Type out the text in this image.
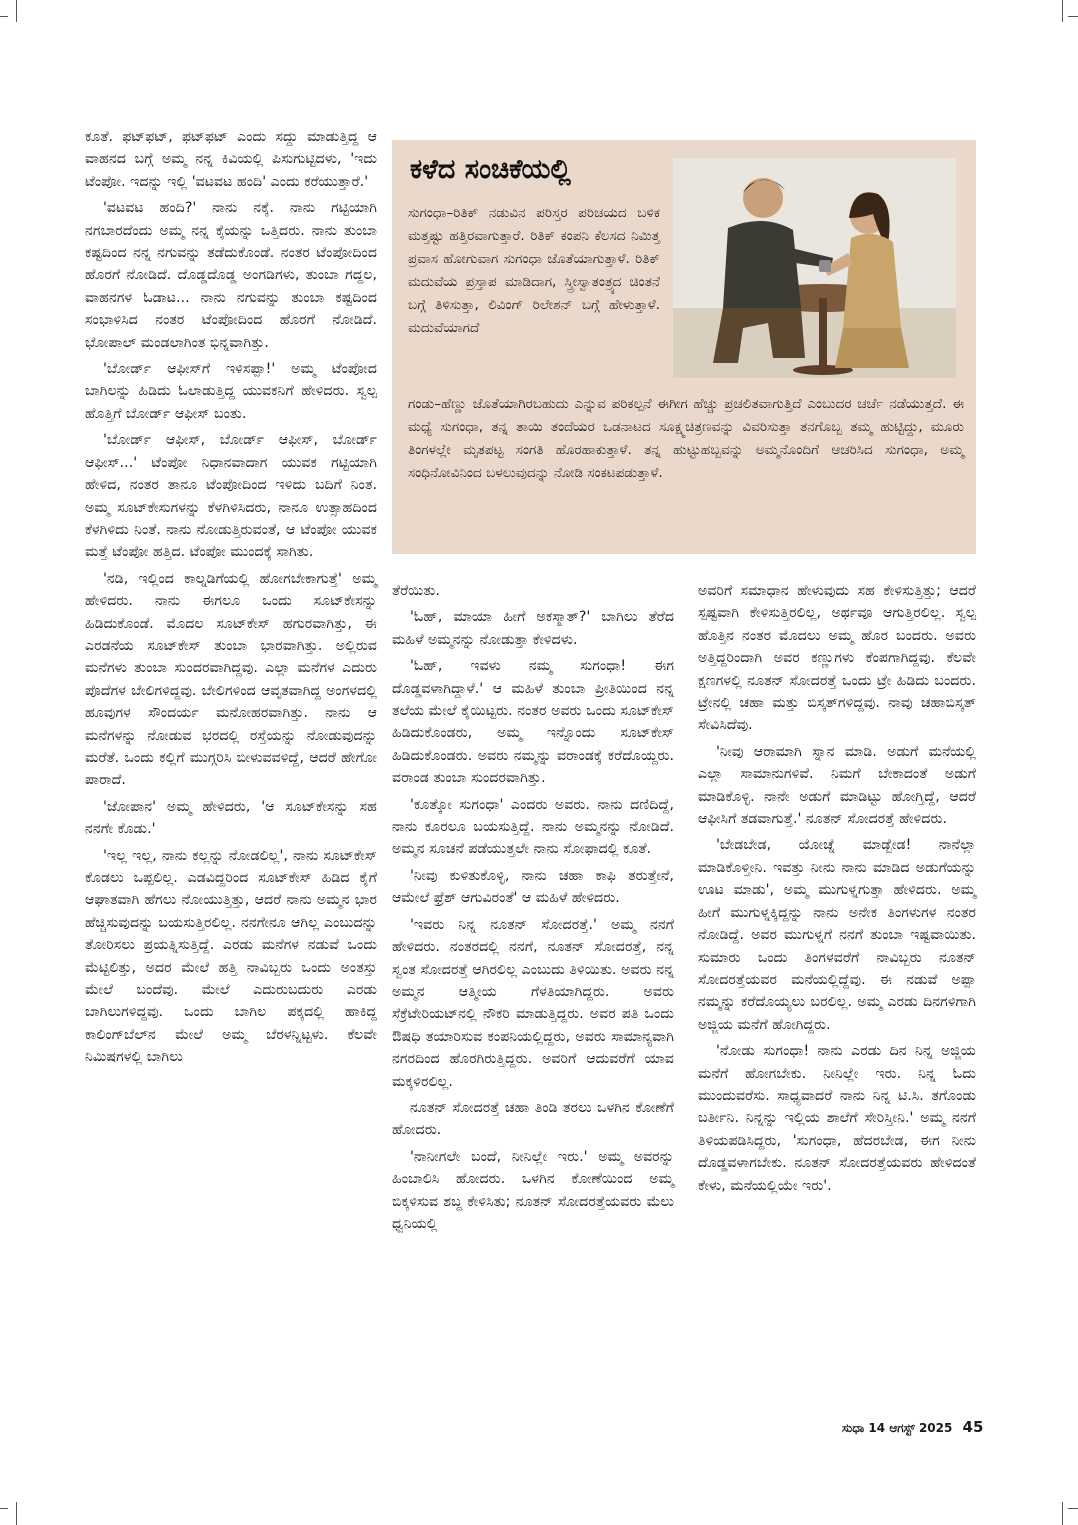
ಕೂತೆ. ಫಟ್‌ಫಟ್, ಫಟ್‌ಫಟ್ ಎಂದು ಸದ್ದು ಮಾಡುತ್ತಿದ್ದ ಆ ವಾಹನದ ಬಗ್ಗೆ ಅಮ್ಮ ನನ್ನ ಕಿವಿಯಲ್ಲಿ ಪಿಸುಗುಟ್ಟಿದಳು, 'ಇದು ಟೆಂಪೋ. ಇದನ್ನು ಇಲ್ಲಿ 'ವಟವಟ ಹಂದಿ' ಎಂದು ಕರೆಯುತ್ತಾರೆ.'

'ವಟವಟ ಹಂದಿ?' ನಾನು ನಕ್ಕೆ. ನಾನು ಗಟ್ಟಿಯಾಗಿ ನಗಬಾರದೆಂದು ಅಮ್ಮ ನನ್ನ ಕೈಯನ್ನು ಒತ್ತಿದರು. ನಾನು ತುಂಬಾ ಕಷ್ಟದಿಂದ ನನ್ನ ನಗುವನ್ನು ತಡೆದುಕೊಂಡೆ. ನಂತರ ಟೆಂಪೋದಿಂದ ಹೊರಗೆ ನೋಡಿದೆ. ದೊಡ್ಡದೊಡ್ಡ ಅಂಗಡಿಗಳು, ತುಂಬಾ ಗದ್ದಲ, ವಾಹನಗಳ ಓಡಾಟ... ನಾನು ನಗುವನ್ನು ತುಂಬಾ ಕಷ್ಟದಿಂದ ಸಂಭಾಳಿಸಿದ ನಂತರ ಟೆಂಪೋದಿಂದ ಹೊರಗೆ ನೋಡಿದೆ. ಭೋಪಾಲ್ ಮಂಡಲಾಗಿಂತ ಭಿನ್ನವಾಗಿತ್ತು.

'ಬೋರ್ಡ್ ಆಫೀಸ್‌ಗೆ ಇಳಿಸಪ್ಪಾ!' ಅಮ್ಮ ಟೆಂಪೋದ ಬಾಗಿಲನ್ನು ಹಿಡಿದು ಓಲಾಡುತ್ತಿದ್ದ ಯುವಕನಿಗೆ ಹೇಳಿದರು. ಸ್ವಲ್ಪ ಹೊತ್ತಿಗೆ ಬೋರ್ಡ್ ಆಫೀಸ್ ಬಂತು.

'ಬೋರ್ಡ್ ಆಫೀಸ್, ಬೋರ್ಡ್ ಆಫೀಸ್, ಬೋರ್ಡ್ ಆಫೀಸ್...' ಟೆಂಪೋ ನಿಧಾನವಾದಾಗ ಯುವಕ ಗಟ್ಟಿಯಾಗಿ ಹೇಳಿದ, ನಂತರ ತಾನೂ ಟೆಂಪೋದಿಂದ ಇಳಿದು ಬದಿಗೆ ನಿಂತ. ಅಮ್ಮ ಸೂಟ್‌ಕೇಸುಗಳನ್ನು ಕೆಳಗಿಳಿಸಿದರು, ನಾನೂ ಉತ್ಸಾಹದಿಂದ ಕೆಳಗಿಳಿದು ನಿಂತೆ. ನಾನು ನೋಡುತ್ತಿರುವಂತೆ, ಆ ಟೆಂಪೋ ಯುವಕ ಮತ್ತೆ ಟೆಂಪೋ ಹತ್ತಿದ. ಟೆಂಪೋ ಮುಂದಕ್ಕೆ ಸಾಗಿತು.

'ನಡಿ, ಇಲ್ಲಿಂದ ಕಾಲ್ನಡಿಗೆಯಲ್ಲಿ ಹೋಗಬೇಕಾಗುತ್ತೆ' ಅಮ್ಮ ಹೇಳಿದರು. ನಾನು ಈಗಲೂ ಒಂದು ಸೂಟ್‌ಕೇಸನ್ನು ಹಿಡಿದುಕೊಂಡೆ. ಮೊದಲ ಸೂಟ್‌ಕೇಸ್ ಹಗುರವಾಗಿತ್ತು, ಈ ಎರಡನೆಯ ಸೂಟ್‌ಕೇಸ್ ತುಂಬಾ ಭಾರವಾಗಿತ್ತು. ಅಲ್ಲಿರುವ ಮನೆಗಳು ತುಂಬಾ ಸುಂದರವಾಗಿದ್ದವು. ಎಲ್ಲಾ ಮನೆಗಳ ಎದುರು ಪೊದೆಗಳ ಬೇಲಿಗಳಿದ್ದವು. ಬೇಲಿಗಳಿಂದ ಆವೃತವಾಗಿದ್ದ ಅಂಗಳದಲ್ಲಿ ಹೂವುಗಳ ಸೌಂದರ್ಯ ಮನೋಹರವಾಗಿತ್ತು. ನಾನು ಆ ಮನೆಗಳನ್ನು ನೋಡುವ ಭರದಲ್ಲಿ ರಸ್ತೆಯನ್ನು ನೋಡುವುದನ್ನು ಮರೆತೆ. ಒಂದು ಕಲ್ಲಿಗೆ ಮುಗ್ಗರಿಸಿ ಬೀಳುವವಳಿದ್ದೆ, ಆದರೆ ಹೇಗೋ ಪಾರಾದೆ.

'ಜೋಪಾನ' ಅಮ್ಮ ಹೇಳಿದರು, 'ಆ ಸೂಟ್‌ಕೇಸನ್ನು ಸಹ ನನಗೇ ಕೊಡು.'

'ಇಲ್ಲ ಇಲ್ಲ, ನಾನು ಕಲ್ಲನ್ನು ನೋಡಲಿಲ್ಲ', ನಾನು ಸೂಟ್‌ಕೇಸ್ ಕೊಡಲು ಒಪ್ಪಲಿಲ್ಲ. ಎಡವಿದ್ದರಿಂದ ಸೂಟ್‌ಕೇಸ್ ಹಿಡಿದ ಕೈಗೆ ಆಘಾತವಾಗಿ ಹೆಗಲು ನೋಯುತ್ತಿತ್ತು, ಆದರೆ ನಾನು ಅಮ್ಮನ ಭಾರ ಹೆಚ್ಚಿಸುವುದನ್ನು ಬಯಸುತ್ತಿರಲಿಲ್ಲ. ನನಗೇನೂ ಆಗಿಲ್ಲ ಎಂಬುದನ್ನು ತೋರಿಸಲು ಪ್ರಯತ್ನಿಸುತ್ತಿದ್ದೆ. ಎರಡು ಮನೆಗಳ ನಡುವೆ ಒಂದು ಮೆಟ್ಟಿಲಿತ್ತು, ಅದರ ಮೇಲೆ ಹತ್ತಿ ನಾವಿಬ್ಬರು ಒಂದು ಅಂತಸ್ತು ಮೇಲೆ ಬಂದೆವು. ಮೇಲೆ ಎದುರುಬದುರು ಎರಡು ಬಾಗಿಲುಗಳಿದ್ದವು. ಒಂದು ಬಾಗಿಲ ಪಕ್ಕದಲ್ಲಿ ಹಾಕಿದ್ದ ಕಾಲಿಂಗ್‌ಬೆಲ್‌ನ ಮೇಲೆ ಅಮ್ಮ ಬೆರಳನ್ನಿಟ್ಟಳು. ಕೆಲವೇ ನಿಮಿಷಗಳಲ್ಲಿ ಬಾಗಿಲು

ಕಳೆದ ಸಂಚಿಕೆಯಲ್ಲಿ

ಸುಗಂಧಾ–ರಿತಿಕ್ ನಡುವಿನ ಪರಿಸ್ತರ ಪರಿಚಯದ ಬಳಿಕ ಮತ್ತಷ್ಟು ಹತ್ತಿರವಾಗುತ್ತಾರೆ. ರಿತಿಕ್ ಕಂಪನಿ ಕೆಲಸದ ನಿಮಿತ್ತ ಪ್ರವಾಸ ಹೋಗುವಾಗ ಸುಗಂಧಾ ಜೊತೆಯಾಗುತ್ತಾಳೆ. ರಿತಿಕ್ ಮದುವೆಯ ಪ್ರಸ್ತಾಪ ಮಾಡಿದಾಗ, ಸ್ತ್ರೀಸ್ವಾತಂತ್ರ್ಯದ ಚಿಂತನೆ ಬಗ್ಗೆ ತಿಳಿಸುತ್ತಾ, ಲಿವಿಂಗ್ ರಿಲೇಶನ್ ಬಗ್ಗೆ ಹೇಳುತ್ತಾಳೆ. ಮದುವೆಯಾಗದೆ

ಗಂಡು–ಹೆಣ್ಣು ಜೊತೆಯಾಗಿರಬಹುದು ಎನ್ನುವ ಪರಿಕಲ್ಪನೆ ಈಗೀಗ ಹೆಚ್ಚು ಪ್ರಚಲಿತವಾಗುತ್ತಿದೆ ಎಂಬುದರ ಚರ್ಚೆ ನಡೆಯುತ್ತದೆ. ಈ ಮಧ್ಯೆ ಸುಗಂಧಾ, ತನ್ನ ತಾಯಿ ತಂದೆಯರ ಒಡನಾಟದ ಸೂಕ್ಷ್ಮಚಿತ್ರಣವನ್ನು ವಿವರಿಸುತ್ತಾ ತನಗೊಬ್ಬ ತಮ್ಮ ಹುಟ್ಟಿದ್ದು, ಮೂರು ತಿಂಗಳಲ್ಲೇ ಮೃತಪಟ್ಟ ಸಂಗತಿ ಹೊರಹಾಕುತ್ತಾಳೆ. ತನ್ನ ಹುಟ್ಟುಹಬ್ಬವನ್ನು ಅಮ್ಮನೊಂದಿಗೆ ಆಚರಿಸಿದ ಸುಗಂಧಾ, ಅಮ್ಮ ಸಂಧಿನೋವಿನಿಂದ ಬಳಲುವುದನ್ನು ನೋಡಿ ಸಂಕಟಪಡುತ್ತಾಳೆ.

ತೆರೆಯಿತು.

'ಓಹ್, ಮಾಯಾ ಹೀಗೆ ಅಕಸ್ಮಾತ್?' ಬಾಗಿಲು ತೆರೆದ ಮಹಿಳೆ ಅಮ್ಮನನ್ನು ನೋಡುತ್ತಾ ಕೇಳಿದಳು.

'ಓಹ್, ಇವಳು ನಮ್ಮ ಸುಗಂಧಾ! ಈಗ ದೊಡ್ಡವಳಾಗಿದ್ದಾಳೆ.' ಆ ಮಹಿಳೆ ತುಂಬಾ ಪ್ರೀತಿಯಿಂದ ನನ್ನ ತಲೆಯ ಮೇಲೆ ಕೈಯಿಟ್ಟರು. ನಂತರ ಅವರು ಒಂದು ಸೂಟ್‌ಕೇಸ್ ಹಿಡಿದುಕೊಂಡರು, ಅಮ್ಮ ಇನ್ನೊಂದು ಸೂಟ್‌ಕೇಸ್ ಹಿಡಿದುಕೊಂಡರು. ಅವರು ನಮ್ಮನ್ನು ವರಾಂಡಕ್ಕೆ ಕರೆದೊಯ್ದರು. ವರಾಂಡ ತುಂಬಾ ಸುಂದರವಾಗಿತ್ತು.

'ಕೂತ್ಕೋ ಸುಗಂಧಾ' ಎಂದರು ಅವರು. ನಾನು ದಣಿದಿದ್ದೆ, ನಾನು ಕೂರಲೂ ಬಯಸುತ್ತಿದ್ದೆ. ನಾನು ಅಮ್ಮನನ್ನು ನೋಡಿದೆ. ಅಮ್ಮನ ಸೂಚನೆ ಪಡೆಯುತ್ತಲೇ ನಾನು ಸೋಫಾದಲ್ಲಿ ಕೂತೆ.

'ನೀವು ಕುಳಿತುಕೊಳ್ಳಿ, ನಾನು ಚಹಾ ಕಾಫಿ ತರುತ್ತೇನೆ, ಆಮೇಲೆ ಫ್ರೆಶ್ ಆಗುವಿರಂತೆ' ಆ ಮಹಿಳೆ ಹೇಳಿದರು.

'ಇವರು ನಿನ್ನ ನೂತನ್ ಸೋದರತ್ತೆ.' ಅಮ್ಮ ನನಗೆ ಹೇಳಿದರು. ನಂತರದಲ್ಲಿ ನನಗೆ, ನೂತನ್ ಸೋದರತ್ತೆ, ನನ್ನ ಸ್ವಂತ ಸೋದರತ್ತೆ ಆಗಿರಲಿಲ್ಲ ಎಂಬುದು ತಿಳಿಯಿತು. ಅವರು ನನ್ನ ಅಮ್ಮನ ಆತ್ಮೀಯ ಗೆಳತಿಯಾಗಿದ್ದರು. ಅವರು ಸೆಕ್ರೆಟೇರಿಯಟ್‌ನಲ್ಲಿ ನೌಕರಿ ಮಾಡುತ್ತಿದ್ದರು. ಅವರ ಪತಿ ಒಂದು ಔಷಧಿ ತಯಾರಿಸುವ ಕಂಪನಿಯಲ್ಲಿದ್ದರು, ಅವರು ಸಾಮಾನ್ಯವಾಗಿ ನಗರದಿಂದ ಹೊರಗಿರುತ್ತಿದ್ದರು. ಅವರಿಗೆ ಆದುವರೆಗೆ ಯಾವ ಮಕ್ಕಳಿರಲಿಲ್ಲ.

ನೂತನ್ ಸೋದರತ್ತೆ ಚಹಾ ತಿಂಡಿ ತರಲು ಒಳಗಿನ ಕೋಣೆಗೆ ಹೋದರು.

'ನಾನೀಗಲೇ ಬಂದೆ, ನೀನಿಲ್ಲೇ ಇರು.' ಅಮ್ಮ ಅವರನ್ನು ಹಿಂಬಾಲಿಸಿ ಹೋದರು. ಒಳಗಿನ ಕೋಣೆಯಿಂದ ಅಮ್ಮ ಬಿಕ್ಕಳಿಸುವ ಶಬ್ದ ಕೇಳಿಸಿತು; ನೂತನ್ ಸೋದರತ್ತೆಯವರು ಮೆಲು ಧ್ವನಿಯಲ್ಲಿ

ಅವರಿಗೆ ಸಮಾಧಾನ ಹೇಳುವುದು ಸಹ ಕೇಳಿಸುತ್ತಿತ್ತು; ಆದರೆ ಸ್ಪಷ್ಟವಾಗಿ ಕೇಳಿಸುತ್ತಿರಲಿಲ್ಲ, ಅರ್ಥವೂ ಆಗುತ್ತಿರಲಿಲ್ಲ. ಸ್ವಲ್ಪ ಹೊತ್ತಿನ ನಂತರ ಮೊದಲು ಅಮ್ಮ ಹೊರ ಬಂದರು. ಅವರು ಅತ್ತಿದ್ದರಿಂದಾಗಿ ಅವರ ಕಣ್ಣುಗಳು ಕೆಂಪಗಾಗಿದ್ದವು. ಕೆಲವೇ ಕ್ಷಣಗಳಲ್ಲಿ ನೂತನ್ ಸೋದರತ್ತೆ ಒಂದು ಟ್ರೇ ಹಿಡಿದು ಬಂದರು. ಟ್ರೇನಲ್ಲಿ ಚಹಾ ಮತ್ತು ಬಿಸ್ಕತ್‌ಗಳಿದ್ದವು. ನಾವು ಚಹಾಬಿಸ್ಕತ್ ಸೇವಿಸಿದೆವು.

'ನೀವು ಆರಾಮಾಗಿ ಸ್ನಾನ ಮಾಡಿ. ಅಡುಗೆ ಮನೆಯಲ್ಲಿ ಎಲ್ಲಾ ಸಾಮಾನುಗಳಿವೆ. ನಿಮಗೆ ಬೇಕಾದಂತೆ ಅಡುಗೆ ಮಾಡಿಕೊಳ್ಳಿ. ನಾನೇ ಅಡುಗೆ ಮಾಡಿಟ್ಟು ಹೋಗ್ತಿದ್ದೆ, ಆದರೆ ಆಫೀಸಿಗೆ ತಡವಾಗುತ್ತೆ.' ನೂತನ್ ಸೋದರತ್ತೆ ಹೇಳಿದರು.

'ಬೇಡಬೇಡ, ಯೋಚ್ನೆ ಮಾಡ್ಬೇಡ! ನಾನೆಲ್ಲಾ ಮಾಡಿಕೊಳ್ತೀನಿ. ಇವತ್ತು ನೀನು ನಾನು ಮಾಡಿದ ಅಡುಗೆಯನ್ನು ಊಟ ಮಾಡು', ಅಮ್ಮ ಮುಗುಳ್ನಗುತ್ತಾ ಹೇಳಿದರು. ಅಮ್ಮ ಹೀಗೆ ಮುಗುಳ್ನಕ್ಕಿದ್ದನ್ನು ನಾನು ಅನೇಕ ತಿಂಗಳುಗಳ ನಂತರ ನೋಡಿದ್ದೆ. ಅವರ ಮುಗುಳ್ನಗೆ ನನಗೆ ತುಂಬಾ ಇಷ್ಟವಾಯಿತು. ಸುಮಾರು ಒಂದು ತಿಂಗಳವರೆಗೆ ನಾವಿಬ್ಬರು ನೂತನ್ ಸೋದರತ್ತೆಯವರ ಮನೆಯಲ್ಲಿದ್ದೆವು. ಈ ನಡುವೆ ಅಪ್ಪಾ ನಮ್ಮನ್ನು ಕರೆದೊಯ್ಯಲು ಬರಲಿಲ್ಲ. ಅಮ್ಮ ಎರಡು ದಿನಗಳಿಗಾಗಿ ಅಜ್ಜಿಯ ಮನೆಗೆ ಹೋಗಿದ್ದರು.

'ನೋಡು ಸುಗಂಧಾ! ನಾನು ಎರಡು ದಿನ ನಿನ್ನ ಅಜ್ಜಿಯ ಮನೆಗೆ ಹೋಗಬೇಕು. ನೀನಿಲ್ಲೇ ಇರು. ನಿನ್ನ ಓದು ಮುಂದುವರೆಸು. ಸಾಧ್ಯವಾದರೆ ನಾನು ನಿನ್ನ ಟಿ.ಸಿ. ತಗೊಂಡು ಬರ್ತೀನಿ. ನಿನ್ನನ್ನು ಇಲ್ಲಿಯ ಶಾಲೆಗೆ ಸೇರಿಸ್ತೀನಿ.' ಅಮ್ಮ ನನಗೆ ತಿಳಿಯಪಡಿಸಿದ್ದರು, 'ಸುಗಂಧಾ, ಹೆದರಬೇಡ, ಈಗ ನೀನು ದೊಡ್ಡವಳಾಗಬೇಕು. ನೂತನ್ ಸೋದರತ್ತೆಯವರು ಹೇಳಿದಂತೆ ಕೇಳು, ಮನೆಯಲ್ಲಿಯೇ ಇರು'.

ಸುಧಾ 14 ಆಗಸ್ಟ್ 2025 45
